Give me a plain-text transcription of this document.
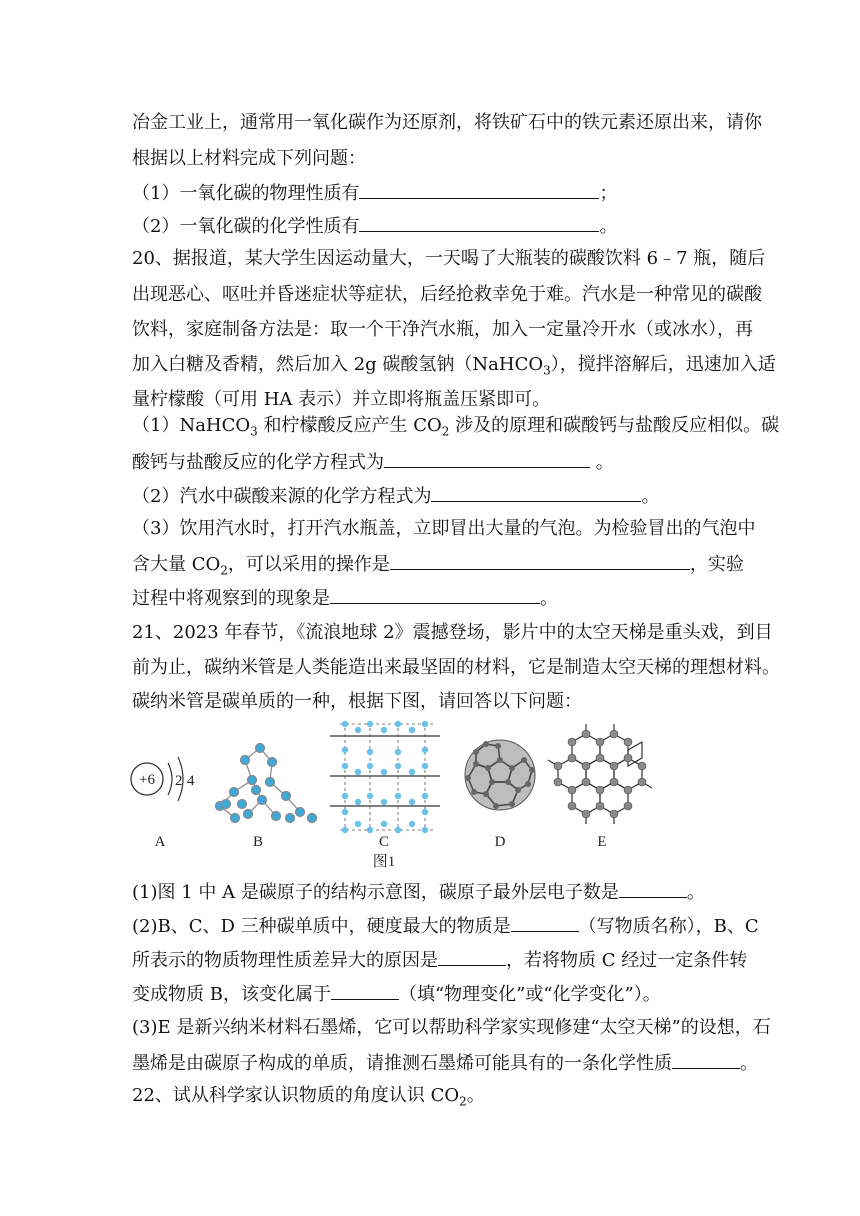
冶金工业上，通常用一氧化碳作为还原剂，将铁矿石中的铁元素还原出来，请你
根据以上材料完成下列问题：
（1）一氧化碳的物理性质有	；
（2）一氧化碳的化学性质有	。
20、据报道，某大学生因运动量大，一天喝了大瓶装的碳酸饮料 6﹣7 瓶，随后
出现恶心、呕吐并昏迷症状等症状，后经抢救幸免于难。汽水是一种常见的碳酸
饮料，家庭制备方法是：取一个干净汽水瓶，加入一定量冷开水（或冰水），再
加入白糖及香精，然后加入 2g 碳酸氢钠（NaHCO$_3$），搅拌溶解后，迅速加入适
量柠檬酸（可用 HA 表示）并立即将瓶盖压紧即可。
（1）NaHCO$_3$ 和柠檬酸反应产生 $CO_2$ 涉及的原理和碳酸钙与盐酸反应相似。碳
酸钙与盐酸反应的化学方程式为	。
（2）汽水中碳酸来源的化学方程式为	。
（3）饮用汽水时，打开汽水瓶盖，立即冒出大量的气泡。为检验冒出的气泡中
含大量 $CO_2$，可以采用的操作是	，实验
过程中将观察到的现象是	。
21、2023 年春节，《流浪地球 2》震撼登场，影片中的太空天梯是重头戏，到目
前为止，碳纳米管是人类能造出来最坚固的材料，它是制造太空天梯的理想材料。
碳纳米管是碳单质的一种，根据下图，请回答以下问题：
+6 2 4
A	B	C	D	E
图1
(1)图 1 中 A 是碳原子的结构示意图，碳原子最外层电子数是	。
(2)B、C、D 三种碳单质中，硬度最大的物质是	（写物质名称），B、C
所表示的物质物理性质差异大的原因是	，若将物质 C 经过一定条件转
变成物质 B，该变化属于	（填“物理变化”或“化学变化”）。
(3)E 是新兴纳米材料石墨烯，它可以帮助科学家实现修建“太空天梯”的设想，石
墨烯是由碳原子构成的单质，请推测石墨烯可能具有的一条化学性质	。
22、试从科学家认识物质的角度认识 $CO_2$。
